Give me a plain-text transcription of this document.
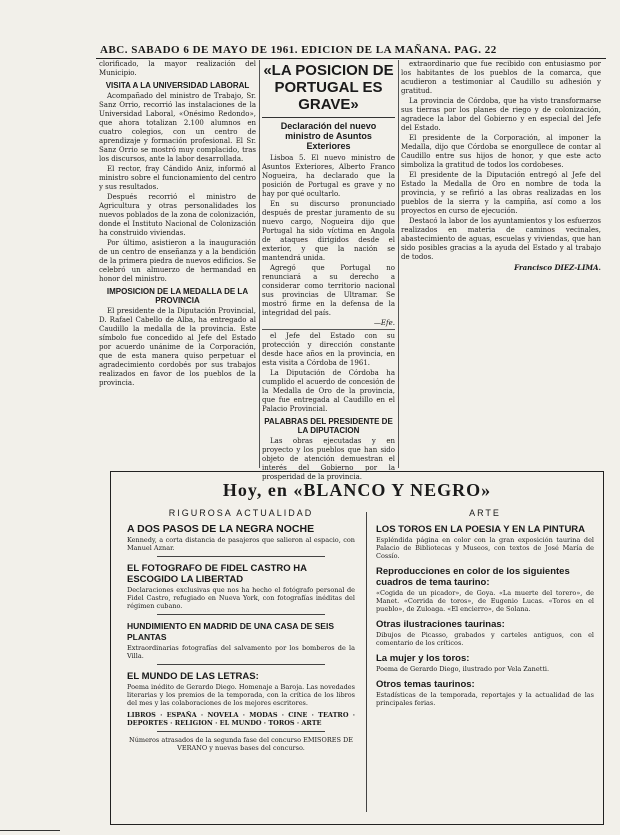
ABC. SABADO 6 DE MAYO DE 1961. EDICION DE LA MAÑANA. PAG. 22

clorificado, la mayor realización del Municipio.

VISITA A LA UNIVERSIDAD LABORAL

Acompañado del ministro de Trabajo, Sr. Sanz Orrio, recorrió las instalaciones de la Universidad Laboral, «Onésimo Redondo», que ahora totalizan 2.100 alumnos en cuatro colegios, con un centro de aprendizaje y formación profesional. El Sr. Sanz Orrio se mostró muy complacido, tras los discursos, ante la labor desarrollada.

El rector, fray Cándido Aniz, informó al ministro sobre el funcionamiento del centro y sus resultados.

Después recorrió el ministro de Agricultura y otras personalidades los nuevos poblados de la zona de colonización, donde el Instituto Nacional de Colonización ha construido viviendas.

Por último, asistieron a la inauguración de un centro de enseñanza y a la bendición de la primera piedra de nuevos edificios. Se celebró un almuerzo de hermandad en honor del ministro.

IMPOSICION DE LA MEDALLA DE LA PROVINCIA

El presidente de la Diputación Provincial, D. Rafael Cabello de Alba, ha entregado al Caudillo la medalla de la provincia. Este símbolo fue concedido al Jefe del Estado por acuerdo unánime de la Corporación, que de esta manera quiso perpetuar el agradecimiento cordobés por sus trabajos realizados en favor de los pueblos de la provincia.

«LA POSICION DE PORTUGAL ES GRAVE»
Declaración del nuevo ministro de Asuntos Exteriores

Lisboa 5. El nuevo ministro de Asuntos Exteriores, Alberto Franco Nogueira, ha declarado que la posición de Portugal es grave y no hay por qué ocultarlo.

En su discurso pronunciado después de prestar juramento de su nuevo cargo, Nogueira dijo que Portugal ha sido víctima en Angola de ataques dirigidos desde el exterior, y que la nación se mantendrá unida.

Agregó que Portugal no renunciará a su derecho a considerar como territorio nacional sus provincias de Ultramar. Se mostró firme en la defensa de la integridad del país.

—Efe.

el Jefe del Estado con su protección y dirección constante desde hace años en la provincia, en esta visita a Córdoba de 1961.

La Diputación de Córdoba ha cumplido el acuerdo de concesión de la Medalla de Oro de la provincia, que fue entregada al Caudillo en el Palacio Provincial.

PALABRAS DEL PRESIDENTE DE LA DIPUTACION

Las obras ejecutadas y en proyecto y los pueblos que han sido objeto de atención demuestran el interés del Gobierno por la prosperidad de la provincia.

extraordinario que fue recibido con entusiasmo por los habitantes de los pueblos de la comarca, que acudieron a testimoniar al Caudillo su adhesión y gratitud.

La provincia de Córdoba, que ha visto transformarse sus tierras por los planes de riego y de colonización, agradece la labor del Gobierno y en especial del Jefe del Estado.

El presidente de la Corporación, al imponer la Medalla, dijo que Córdoba se enorgullece de contar al Caudillo entre sus hijos de honor, y que este acto simboliza la gratitud de todos los cordobeses.

El presidente de la Diputación entregó al Jefe del Estado la Medalla de Oro en nombre de toda la provincia, y se refirió a las obras realizadas en los pueblos de la sierra y la campiña, así como a los proyectos en curso de ejecución.

Destacó la labor de los ayuntamientos y los esfuerzos realizados en materia de caminos vecinales, abastecimiento de aguas, escuelas y viviendas, que han sido posibles gracias a la ayuda del Estado y al trabajo de todos.

Francisco DIEZ-LIMA.

Hoy, en «BLANCO Y NEGRO»
RIGUROSA ACTUALIDAD
A DOS PASOS DE LA NEGRA NOCHE
Kennedy, a corta distancia de pasajeros que salieron al espacio, con Manuel Aznar.
EL FOTOGRAFO DE FIDEL CASTRO HA ESCOGIDO LA LIBERTAD
Declaraciones exclusivas que nos ha hecho el fotógrafo personal de Fidel Castro, refugiado en Nueva York, con fotografías inéditas del régimen cubano.
HUNDIMIENTO EN MADRID DE UNA CASA DE SEIS PLANTAS
Extraordinarias fotografías del salvamento por los bomberos de la Villa.
EL MUNDO DE LAS LETRAS:
Poema inédito de Gerardo Diego. Homenaje a Baroja. Las novedades literarias y los premios de la temporada, con la crítica de los libros del mes y las colaboraciones de los mejores escritores.
LIBROS · ESPAÑA · NOVELA · MODAS · CINE · TEATRO · DEPORTES · RELIGION · EL MUNDO · TOROS · ARTE
Números atrasados de la segunda fase del concurso EMISORES DE VERANO y nuevas bases del concurso.
ARTE
LOS TOROS EN LA POESIA Y EN LA PINTURA
Espléndida página en color con la gran exposición taurina del Palacio de Bibliotecas y Museos, con textos de José María de Cossío.
Reproducciones en color de los siguientes cuadros de tema taurino:
«Cogida de un picador», de Goya. «La muerte del torero», de Manet. «Corrida de toros», de Eugenio Lucas. «Toros en el pueblo», de Zuloaga. «El encierro», de Solana.
Otras ilustraciones taurinas:
Dibujos de Picasso, grabados y carteles antiguos, con el comentario de los críticos.
La mujer y los toros:
Poema de Gerardo Diego, ilustrado por Vela Zanetti.
Otros temas taurinos:
Estadísticas de la temporada, reportajes y la actualidad de las principales ferias.
